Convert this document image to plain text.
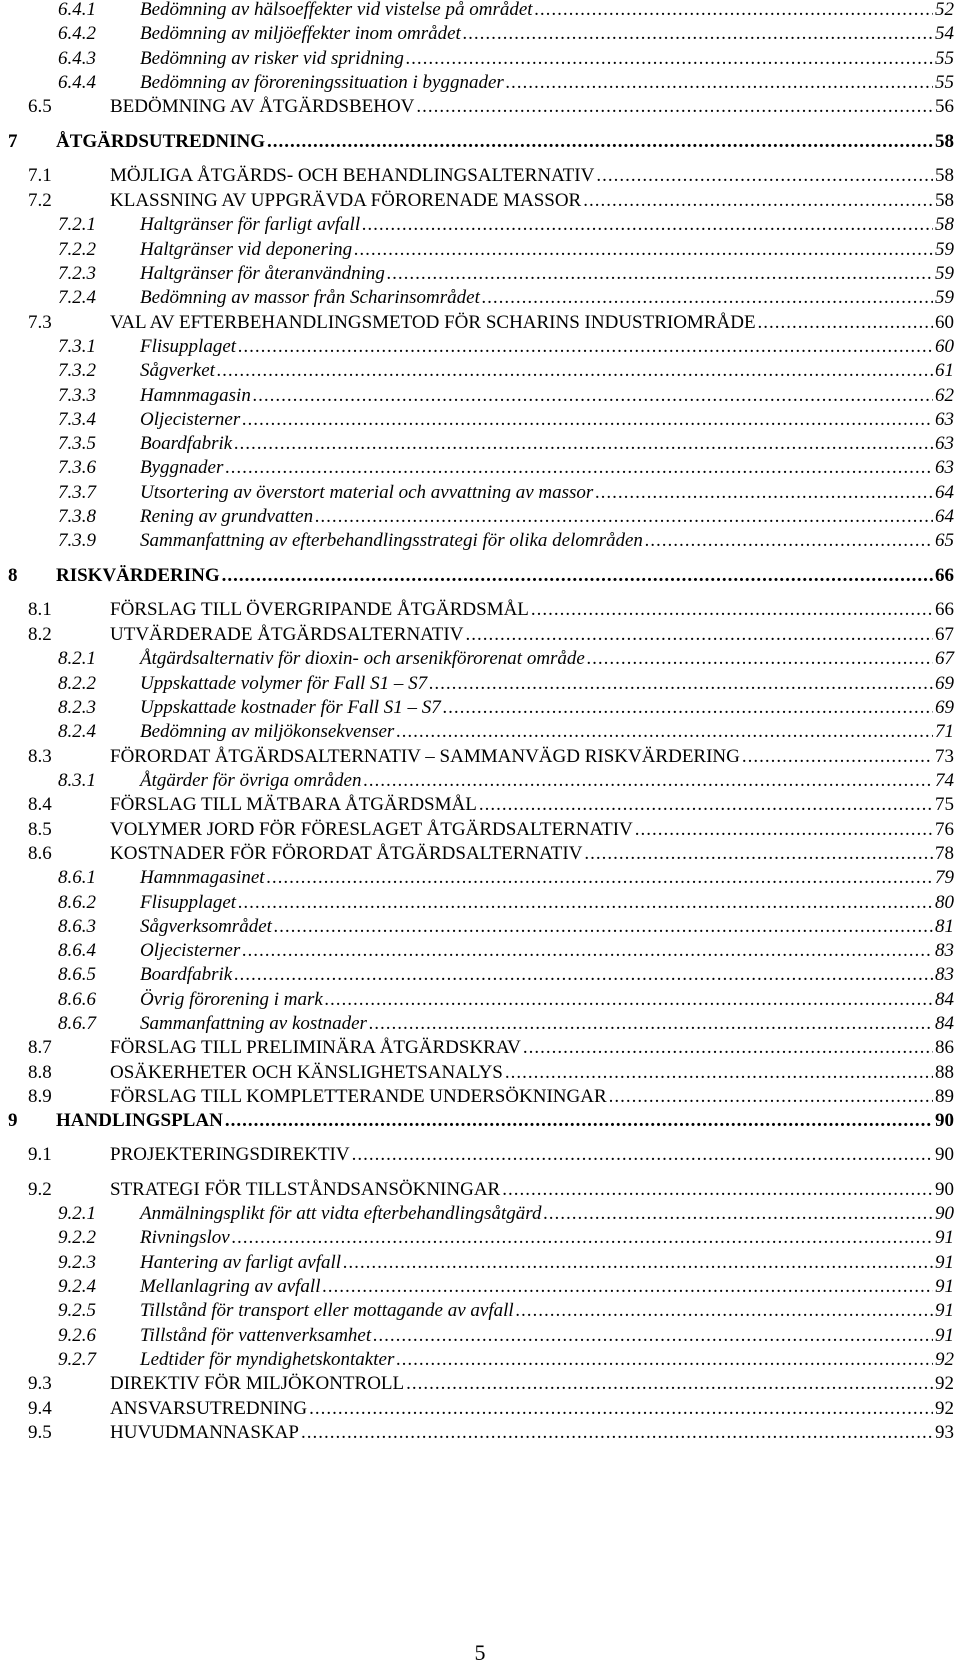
6.4.1	Bedömning av hälsoeffekter vid vistelse på området .....	52
6.4.2	Bedömning av miljöeffekter inom området .....	54
6.4.3	Bedömning av risker vid spridning .....	55
6.4.4	Bedömning av föroreningssituation i byggnader .....	55
6.5	BEDÖMNING AV ÅTGÄRDSBEHOV .....	56
7	ÅTGÄRDSUTREDNING .....	58
7.1	MÖJLIGA ÅTGÄRDS- OCH BEHANDLINGSALTERNATIV .....	58
7.2	KLASSNING AV UPPGRÄVDA FÖRORENADE MASSOR .....	58
7.2.1	Haltgränser för farligt avfall .....	58
7.2.2	Haltgränser vid deponering .....	59
7.2.3	Haltgränser för återanvändning .....	59
7.2.4	Bedömning av massor från Scharinsområdet .....	59
7.3	VAL AV EFTERBEHANDLINGSMETOD FÖR SCHARINS INDUSTRIOMRÅDE .....	60
7.3.1	Flisupplaget .....	60
7.3.2	Sågverket .....	61
7.3.3	Hamnmagasin .....	62
7.3.4	Oljecisterner .....	63
7.3.5	Boardfabrik .....	63
7.3.6	Byggnader .....	63
7.3.7	Utsortering av överstort material och avvattning av massor .....	64
7.3.8	Rening av grundvatten .....	64
7.3.9	Sammanfattning av efterbehandlingsstrategi för olika delområden .....	65
8	RISKVÄRDERING .....	66
8.1	FÖRSLAG TILL ÖVERGRIPANDE ÅTGÄRDSMÅL .....	66
8.2	UTVÄRDERADE ÅTGÄRDSALTERNATIV .....	67
8.2.1	Åtgärdsalternativ för dioxin- och arsenikförorenat område .....	67
8.2.2	Uppskattade volymer för Fall S1 – S7 .....	69
8.2.3	Uppskattade kostnader för Fall S1 – S7 .....	69
8.2.4	Bedömning av miljökonsekvenser .....	71
8.3	FÖRORDAT ÅTGÄRDSALTERNATIV – SAMMANVÄGD RISKVÄRDERING .....	73
8.3.1	Åtgärder för övriga områden .....	74
8.4	FÖRSLAG TILL MÄTBARA ÅTGÄRDSMÅL .....	75
8.5	VOLYMER JORD FÖR FÖRESLAGET ÅTGÄRDSALTERNATIV .....	76
8.6	KOSTNADER FÖR FÖRORDAT ÅTGÄRDSALTERNATIV .....	78
8.6.1	Hamnmagasinet .....	79
8.6.2	Flisupplaget .....	80
8.6.3	Sågverksområdet .....	81
8.6.4	Oljecisterner .....	83
8.6.5	Boardfabrik .....	83
8.6.6	Övrig förorening i mark .....	84
8.6.7	Sammanfattning av kostnader .....	84
8.7	FÖRSLAG TILL PRELIMINÄRA ÅTGÄRDSKRAV .....	86
8.8	OSÄKERHETER OCH KÄNSLIGHETSANALYS .....	88
8.9	FÖRSLAG TILL KOMPLETTERANDE UNDERSÖKNINGAR .....	89
9	HANDLINGSPLAN .....	90
9.1	PROJEKTERINGSDIREKTIV .....	90
9.2	STRATEGI FÖR TILLSTÅNDSANSÖKNINGAR .....	90
9.2.1	Anmälningsplikt för att vidta efterbehandlingsåtgärd .....	90
9.2.2	Rivningslov .....	91
9.2.3	Hantering av farligt avfall .....	91
9.2.4	Mellanlagring av avfall .....	91
9.2.5	Tillstånd för transport eller mottagande av avfall .....	91
9.2.6	Tillstånd för vattenverksamhet .....	91
9.2.7	Ledtider för myndighetskontakter .....	92
9.3	DIREKTIV FÖR MILJÖKONTROLL .....	92
9.4	ANSVARSUTREDNING .....	92
9.5	HUVUDMANNASKAP .....	93
5
